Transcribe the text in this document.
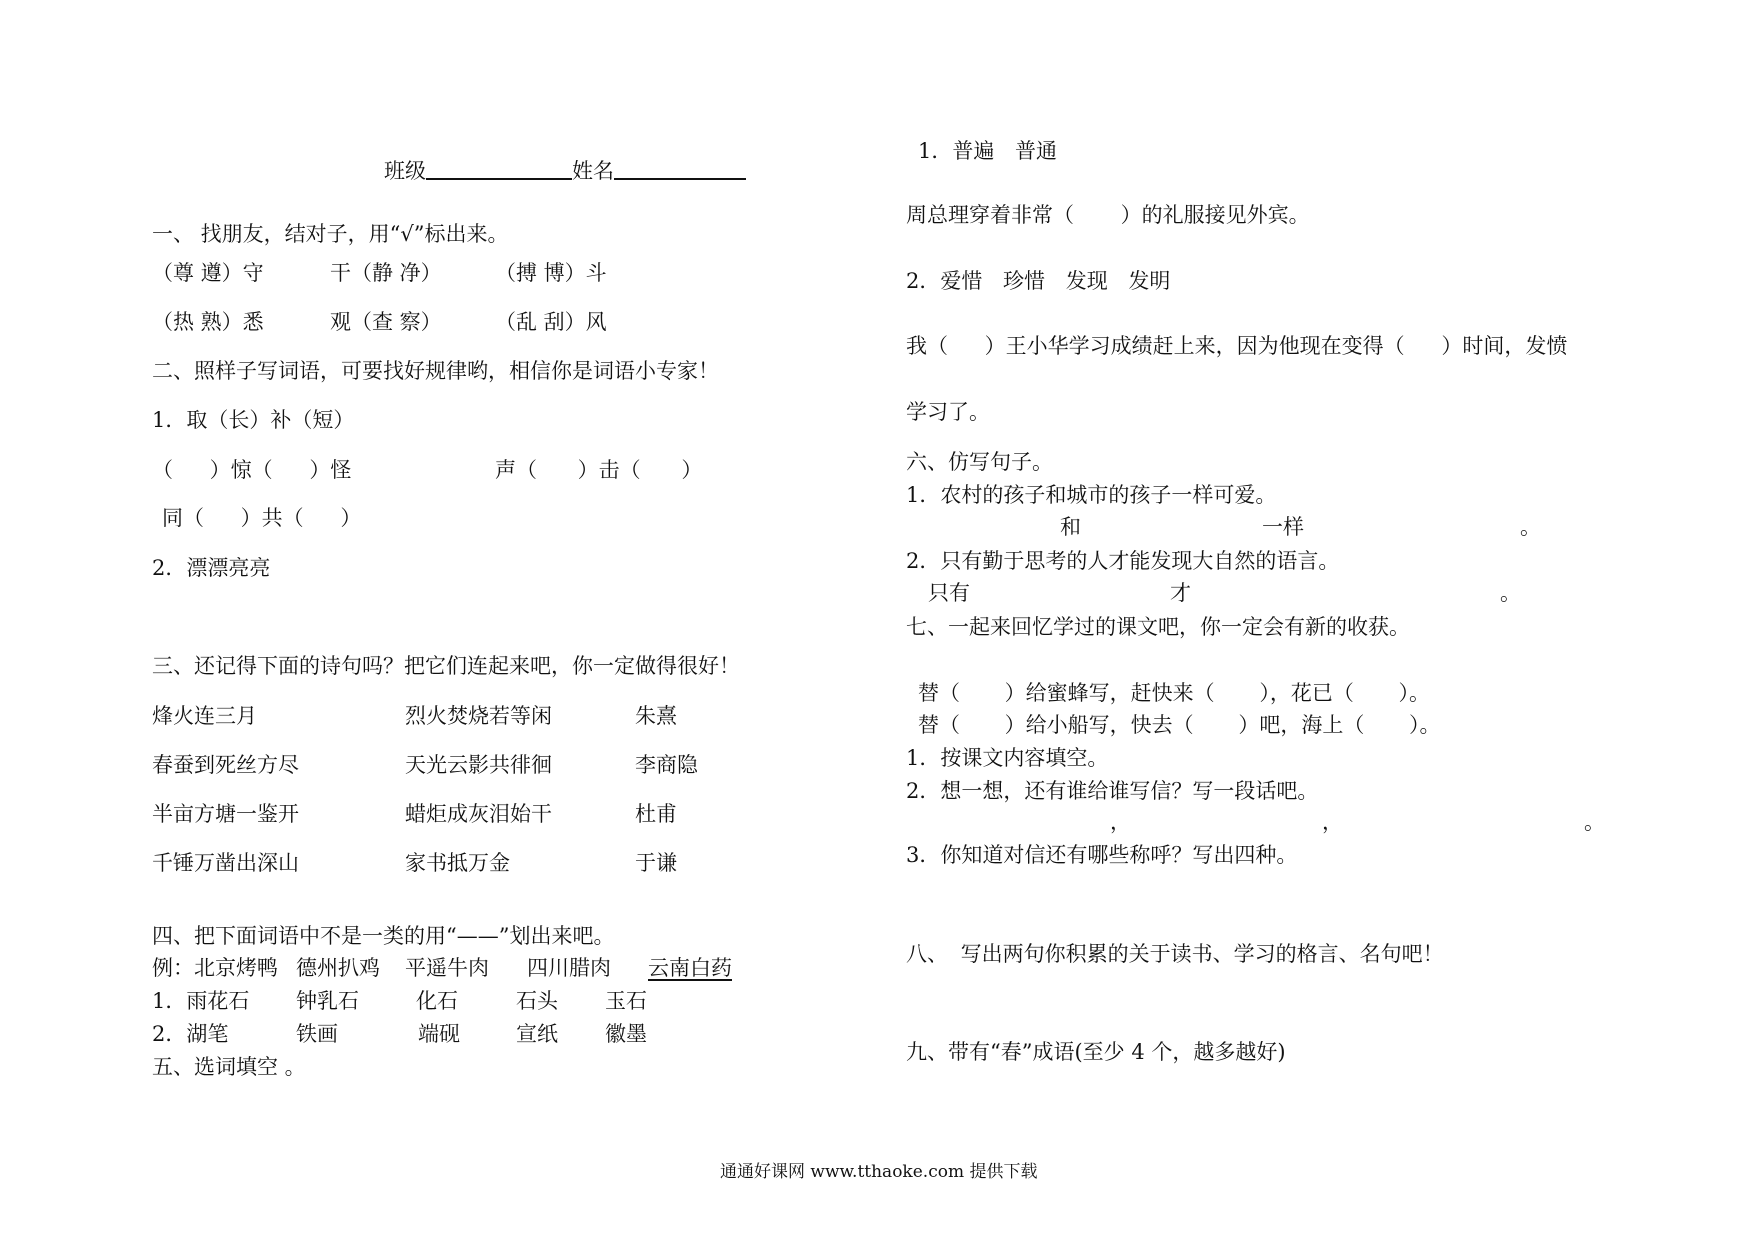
班级	姓名
一、 找朋友，结对子，用“√”标出来。
（尊 遵）守	干（静 净）	（搏 博）斗
（热 熟）悉	观（查 察）	（乱 刮）风
二、照样子写词语，可要找好规律哟，相信你是词语小专家！
1．取（长）补（短）
（ ）惊（ ）怪	声（ ）击（ ）
同（ ）共（ ）
2．漂漂亮亮
三、还记得下面的诗句吗？把它们连起来吧，你一定做得很好！
烽火连三月	烈火焚烧若等闲	朱熹
春蚕到死丝方尽	天光云影共徘徊	李商隐
半亩方塘一鉴开	蜡炬成灰泪始干	杜甫
千锤万凿出深山	家书抵万金	于谦
四、把下面词语中不是一类的用“——”划出来吧。
例：北京烤鸭 德州扒鸡 平遥牛肉 四川腊肉 云南白药
1．雨花石 钟乳石	化石	石头 玉石
2．湖笔	铁画	端砚	宣纸 徽墨
五、选词填空 。
1．普遍 普通
周总理穿着非常（ ）的礼服接见外宾。
2．爱惜 珍惜 发现 发明
我（ ）王小华学习成绩赶上来，因为他现在变得（ ）时间，发愤
学习了。
六、仿写句子。
1．农村的孩子和城市的孩子一样可爱。
和	一样	。
2．只有勤于思考的人才能发现大自然的语言。
只有	才	。
七、一起来回忆学过的课文吧，你一定会有新的收获。
替（ ）给蜜蜂写，赶快来（ ），花已（ ）。
替（ ）给小船写，快去（ ）吧，海上（ ）。
1．按课文内容填空。
2．想一想，还有谁给谁写信？写一段话吧。
，	，	。
3．你知道对信还有哪些称呼？写出四种。
八、 写出两句你积累的关于读书、学习的格言、名句吧！
九、带有“春”成语(至少 4 个，越多越好)
通通好课网 www.tthaoke.com 提供下载
